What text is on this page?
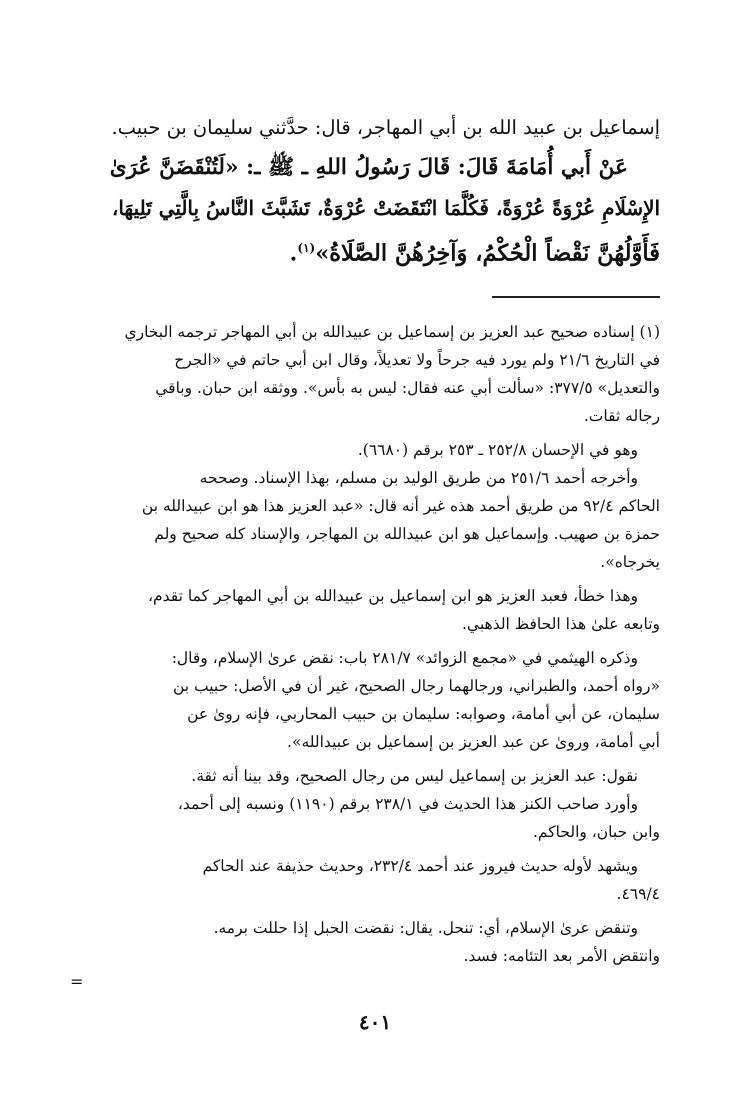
إسماعيل بن عبيد الله بن أبي المهاجر، قال: حدَّثني سليمان بن حبيب.
عَنْ أَبي أُمَامَةَ قَالَ: قَالَ رَسُولُ اللهِ ـ ﷺ ـ: «لَتُنْقَضَنَّ عُرَىٰ
الإِسْلَامِ عُرْوَةً عُرْوَةً، فَكُلَّمَا انْتَقَضَتْ عُرْوَةٌ، تَشَبَّثَ النَّاسُ بِالَّتِي تَلِيهَا،
فَأَوَّلُهُنَّ نَقْضاً الْحُكْمُ، وَآخِرُهُنَّ الصَّلَاةُ»$^{(١)}$.
(١) إسناده صحيح عبد العزيز بن إسماعيل بن عبيدالله بن أبي المهاجر ترجمه البخاري
في التاريخ ٢١/٦ ولم يورد فيه جرحاً ولا تعديلاً، وقال ابن أبي حاتم في «الجرح
والتعديل» ٣٧٧/٥: «سألت أبي عنه فقال: ليس به بأس». ووثقه ابن حبان. وباقي
رجاله ثقات.
وهو في الإحسان ٢٥٢/٨ ـ ٢٥٣ برقم (٦٦٨٠).
وأخرجه أحمد ٢٥١/٦ من طريق الوليد بن مسلم، بهذا الإسناد. وصححه
الحاكم ٩٢/٤ من طريق أحمد هذه غير أنه قال: «عبد العزيز هذا هو ابن عبيدالله بن
حمزة بن صهيب. وإسماعيل هو ابن عبيدالله بن المهاجر، والإسناد كله صحيح ولم
يخرجاه».
وهذا خطأ، فعبد العزيز هو ابن إسماعيل بن عبيدالله بن أبي المهاجر كما تقدم،
وتابعه علىٰ هذا الحافظ الذهبي.
وذكره الهيثمي في «مجمع الزوائد» ٢٨١/٧ باب: نقض عرىٰ الإسلام، وقال:
«رواه أحمد، والطبراني، ورجالهما رجال الصحيح، غير أن في الأصل: حبيب بن
سليمان، عن أبي أمامة، وصوابه: سليمان بن حبيب المحاربي، فإنه روىٰ عن
أبي أمامة، وروىٰ عن عبد العزيز بن إسماعيل بن عبيدالله».
نقول: عبد العزيز بن إسماعيل ليس من رجال الصحيح، وقد بينا أنه ثقة.
وأورد صاحب الكنز هذا الحديث في ٢٣٨/١ برقم (١١٩٠) ونسبه إلى أحمد،
وابن حبان، والحاكم.
ويشهد لأوله حديث فيروز عند أحمد ٢٣٢/٤، وحديث حذيفة عند الحاكم
٤٦٩/٤.
وتنقض عرىٰ الإسلام، أي: تنحل. يقال: نقضت الحبل إذا حللت برمه.
وانتقض الأمر بعد التئامه: فسد.
=
٤٠١
